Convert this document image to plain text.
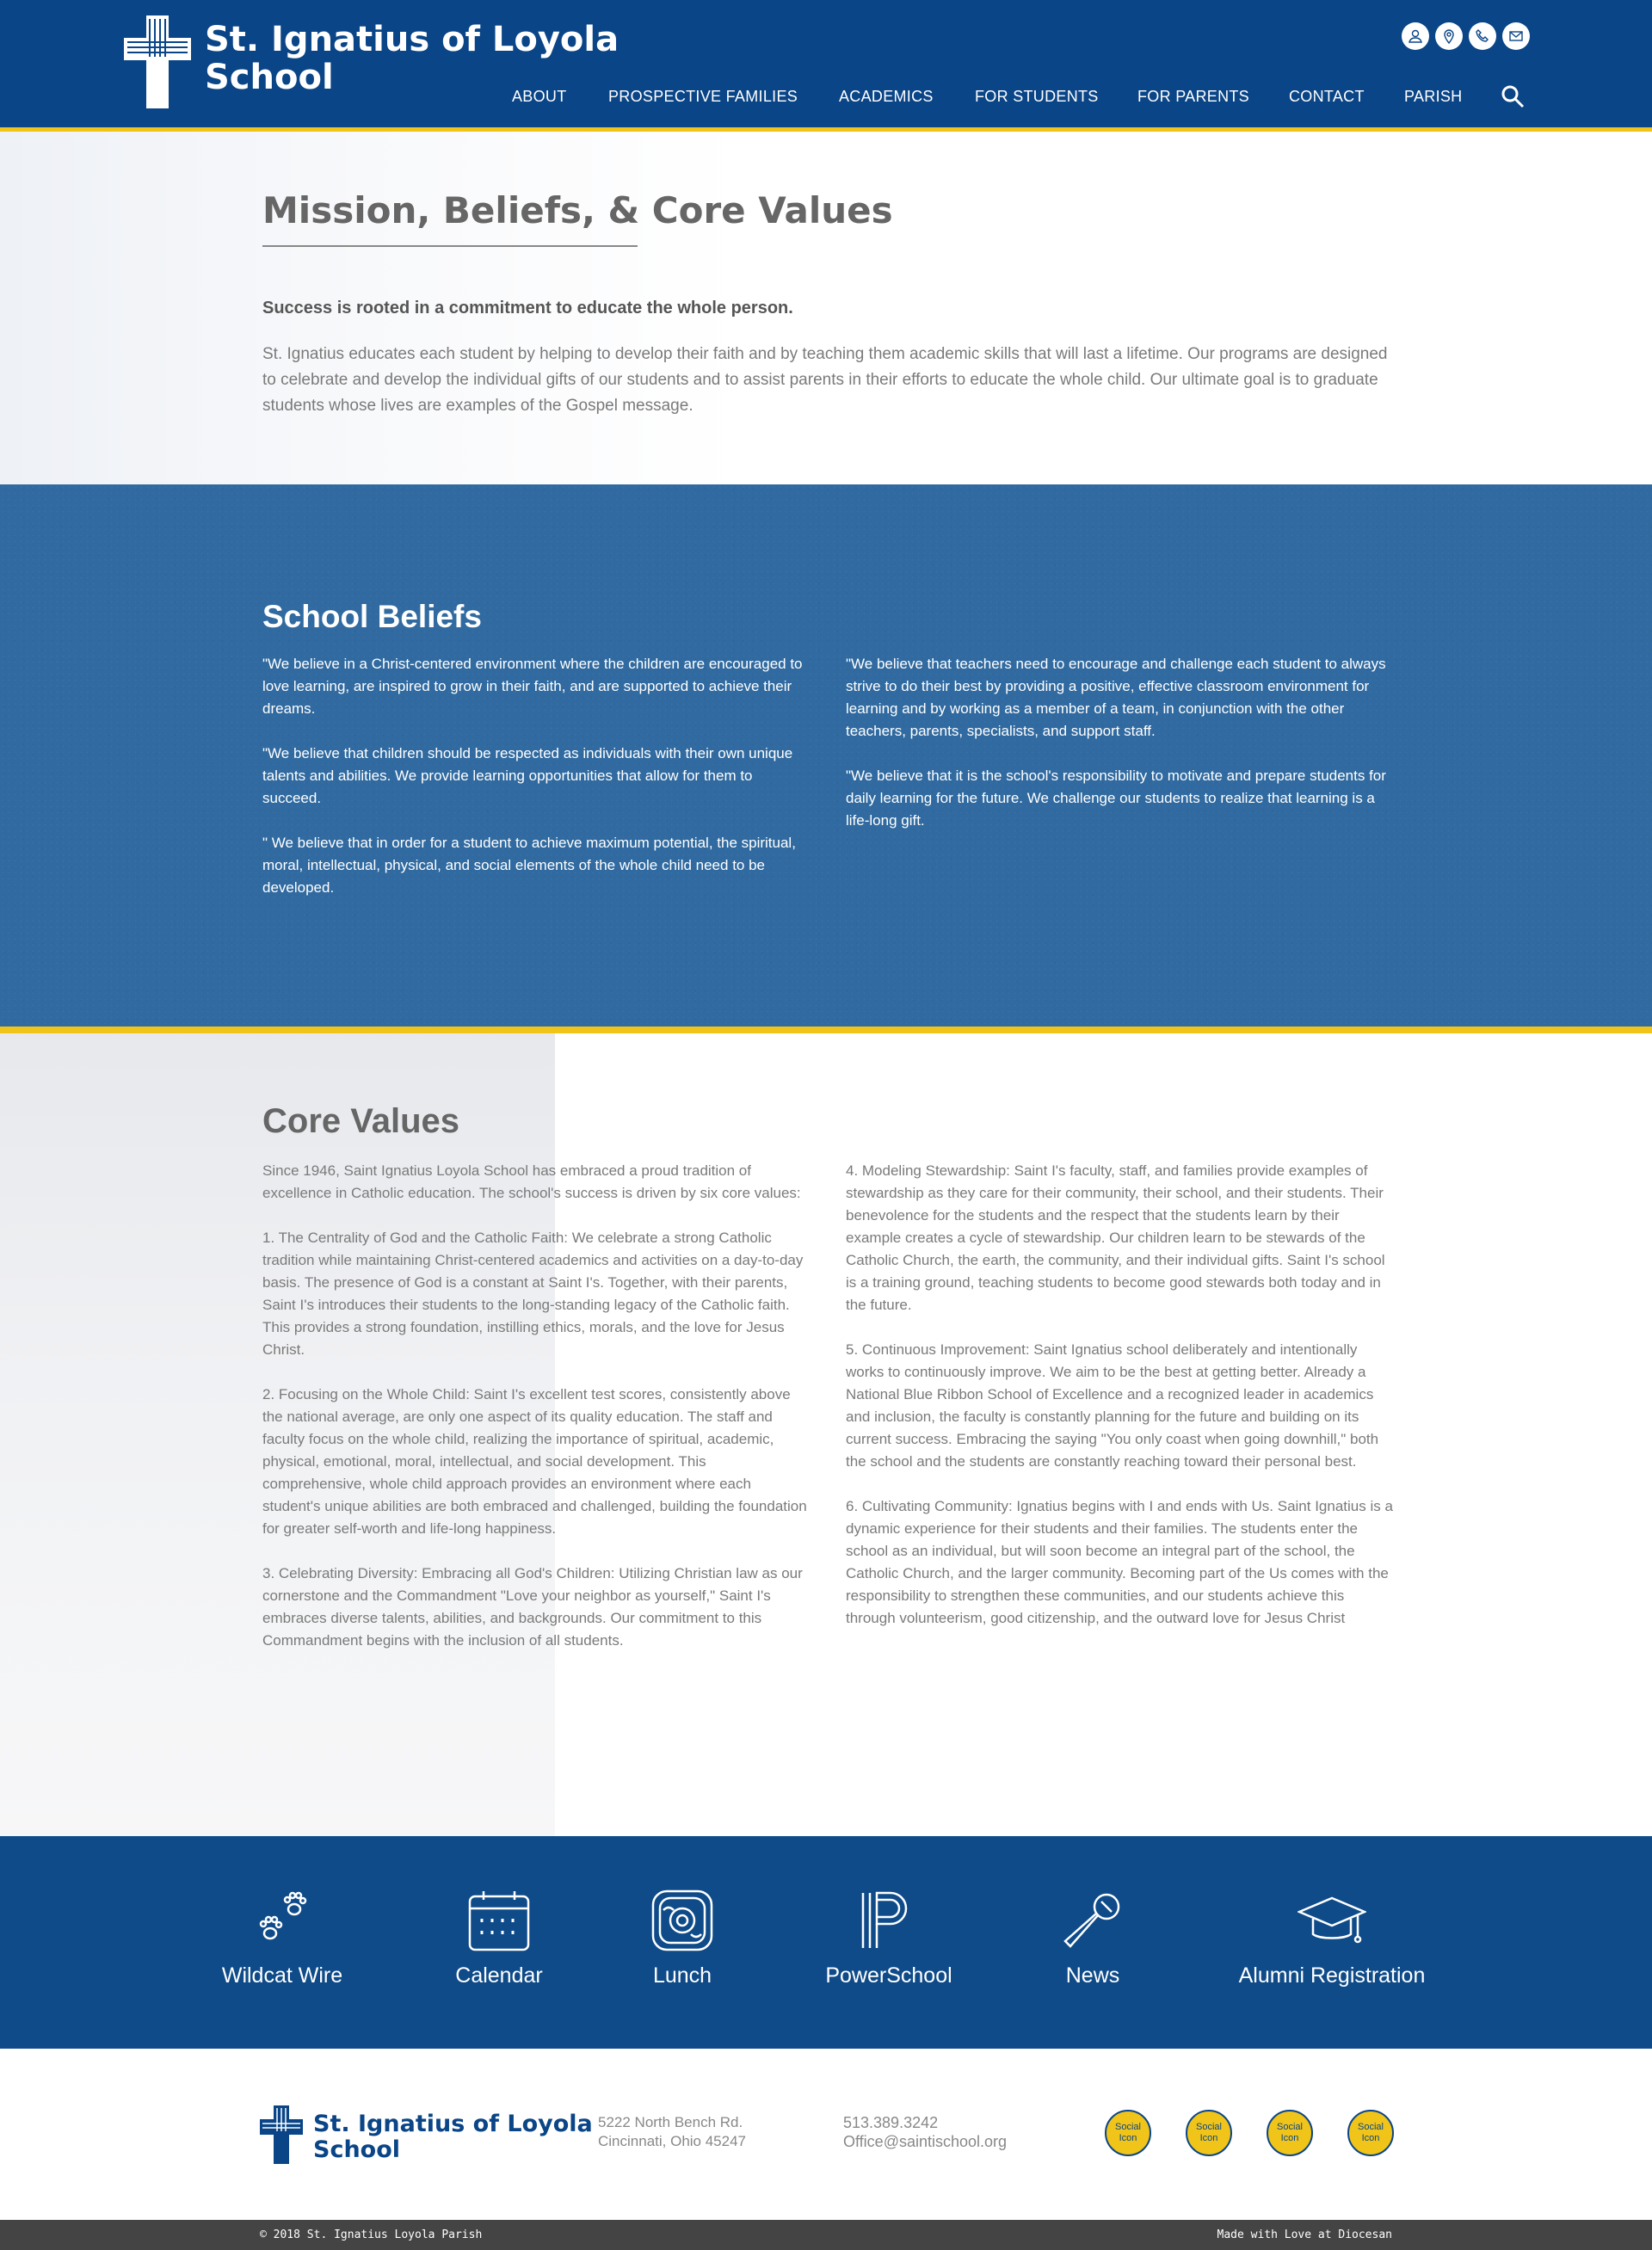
St. Ignatius of Loyola
School	ABOUT	PROSPECTIVE FAMILIES	ACADEMICS	FOR STUDENTS	FOR PARENTS	CONTACT	PARISH
Mission, Beliefs, & Core Values

Success is rooted in a commitment to educate the whole person.

St. Ignatius educates each student by helping to develop their faith and by teaching them academic skills that will last a lifetime. Our programs are designed to celebrate and develop the individual gifts of our students and to assist parents in their efforts to educate the whole child. Our ultimate goal is to graduate students whose lives are examples of the Gospel message.

School Beliefs

"We believe in a Christ-centered environment where the children are encouraged to love learning, are inspired to grow in their faith, and are supported to achieve their dreams.

"We believe that children should be respected as individuals with their own unique talents and abilities. We provide learning opportunities that allow for them to succeed.

" We believe that in order for a student to achieve maximum potential, the spiritual, moral, intellectual, physical, and social elements of the whole child need to be developed.

"We believe that teachers need to encourage and challenge each student to always strive to do their best by providing a positive, effective classroom environment for learning and by working as a member of a team, in conjunction with the other teachers, parents, specialists, and support staff.

"We believe that it is the school's responsibility to motivate and prepare students for daily learning for the future. We challenge our students to realize that learning is a life-long gift.

Core Values

Since 1946, Saint Ignatius Loyola School has embraced a proud tradition of excellence in Catholic education. The school's success is driven by six core values:

1. The Centrality of God and the Catholic Faith: We celebrate a strong Catholic tradition while maintaining Christ-centered academics and activities on a day-to-day basis. The presence of God is a constant at Saint I's. Together, with their parents, Saint I's introduces their students to the long-standing legacy of the Catholic faith. This provides a strong foundation, instilling ethics, morals, and the love for Jesus Christ.

2. Focusing on the Whole Child: Saint I's excellent test scores, consistently above the national average, are only one aspect of its quality education. The staff and faculty focus on the whole child, realizing the importance of spiritual, academic, physical, emotional, moral, intellectual, and social development. This comprehensive, whole child approach provides an environment where each student's unique abilities are both embraced and challenged, building the foundation for greater self-worth and life-long happiness.

3. Celebrating Diversity: Embracing all God's Children: Utilizing Christian law as our cornerstone and the Commandment "Love your neighbor as yourself," Saint I's embraces diverse talents, abilities, and backgrounds. Our commitment to this Commandment begins with the inclusion of all students.

4. Modeling Stewardship: Saint I's faculty, staff, and families provide examples of stewardship as they care for their community, their school, and their students. Their benevolence for the students and the respect that the students learn by their example creates a cycle of stewardship. Our children learn to be stewards of the Catholic Church, the earth, the community, and their individual gifts. Saint I's school is a training ground, teaching students to become good stewards both today and in the future.

5. Continuous Improvement: Saint Ignatius school deliberately and intentionally works to continuously improve. We aim to be the best at getting better. Already a National Blue Ribbon School of Excellence and a recognized leader in academics and inclusion, the faculty is constantly planning for the future and building on its current success. Embracing the saying "You only coast when going downhill," both the school and the students are constantly reaching toward their personal best.

6. Cultivating Community: Ignatius begins with I and ends with Us. Saint Ignatius is a dynamic experience for their students and their families. The students enter the school as an individual, but will soon become an integral part of the school, the Catholic Church, and the larger community. Becoming part of the Us comes with the responsibility to strengthen these communities, and our students achieve this through volunteerism, good citizenship, and the outward love for Jesus Christ

Wildcat Wire	Calendar	Lunch	PowerSchool	News	Alumni Registration
St. Ignatius of Loyola
School
5222 North Bench Rd.
Cincinnati, Ohio 45247
513.389.3242
Office@saintischool.org
Social Icon
Social Icon
Social Icon
Social Icon
© 2018 St. Ignatius Loyola Parish	Made with Love at Diocesan
